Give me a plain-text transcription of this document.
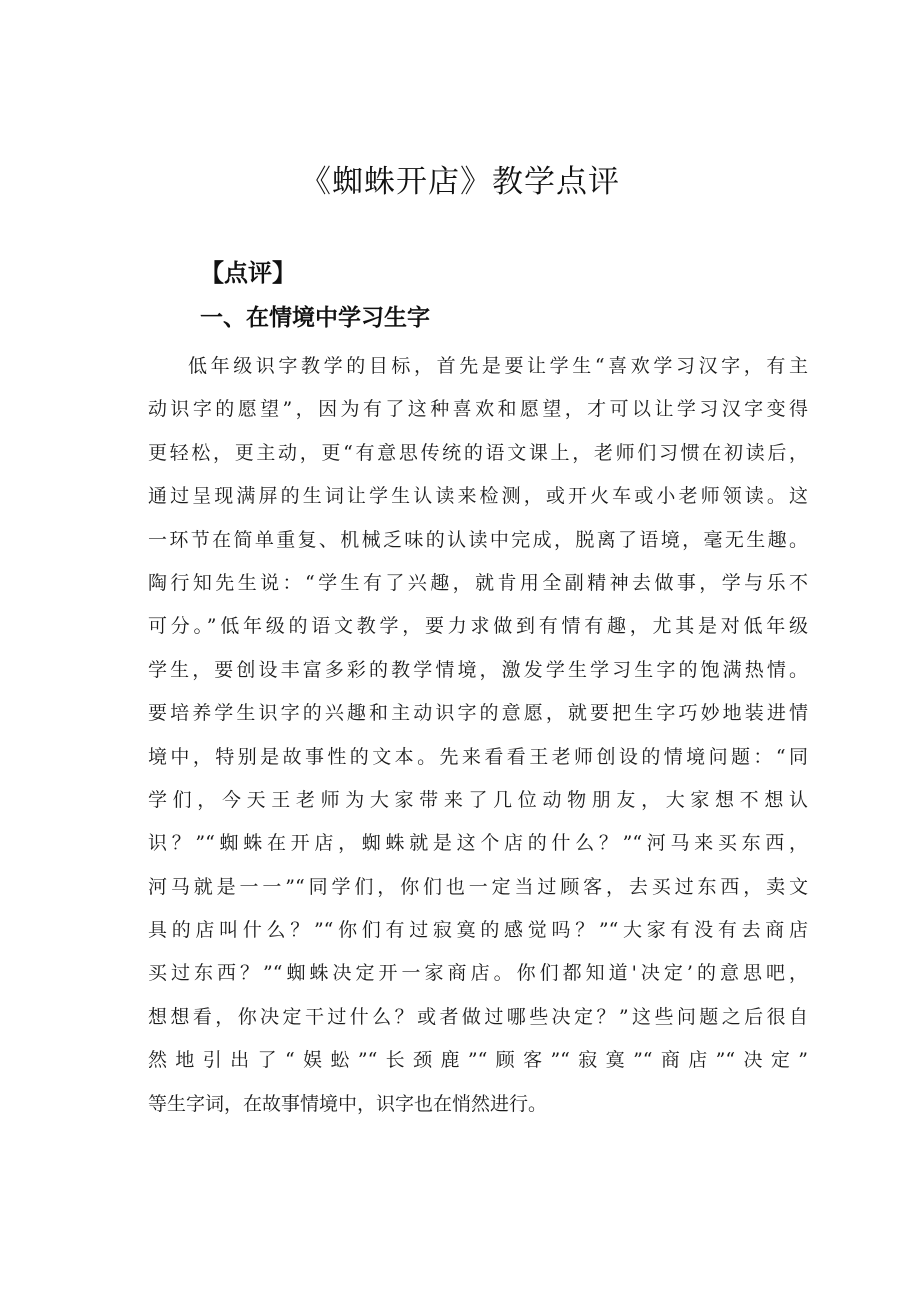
《蜘蛛开店》教学点评
【点评】
一、在情境中学习生字
低年级识字教学的目标，首先是要让学生“喜欢学习汉字，有主
动识字的愿望”，因为有了这种喜欢和愿望，才可以让学习汉字变得
更轻松，更主动，更“有意思传统的语文课上，老师们习惯在初读后，
通过呈现满屏的生词让学生认读来检测，或开火车或小老师领读。这
一环节在简单重复、机械乏味的认读中完成，脱离了语境，毫无生趣。
陶行知先生说：“学生有了兴趣，就肯用全副精神去做事，学与乐不
可分。”低年级的语文教学，要力求做到有情有趣，尤其是对低年级
学生，要创设丰富多彩的教学情境，激发学生学习生字的饱满热情。
要培养学生识字的兴趣和主动识字的意愿，就要把生字巧妙地装进情
境中，特别是故事性的文本。先来看看王老师创设的情境问题：“同
学们，今天王老师为大家带来了几位动物朋友，大家想不想认
识？”“蜘蛛在开店，蜘蛛就是这个店的什么？”“河马来买东西，
河马就是一一”“同学们，你们也一定当过顾客，去买过东西，卖文
具的店叫什么？”“你们有过寂寞的感觉吗？”“大家有没有去商店
买过东西？”“蜘蛛决定开一家商店。你们都知道'决定’的意思吧，
想想看，你决定干过什么？或者做过哪些决定？”这些问题之后很自
然地引出了“娱蚣”“长颈鹿”“顾客”“寂寞”“商店”“决定”
等生字词，在故事情境中，识字也在悄然进行。
